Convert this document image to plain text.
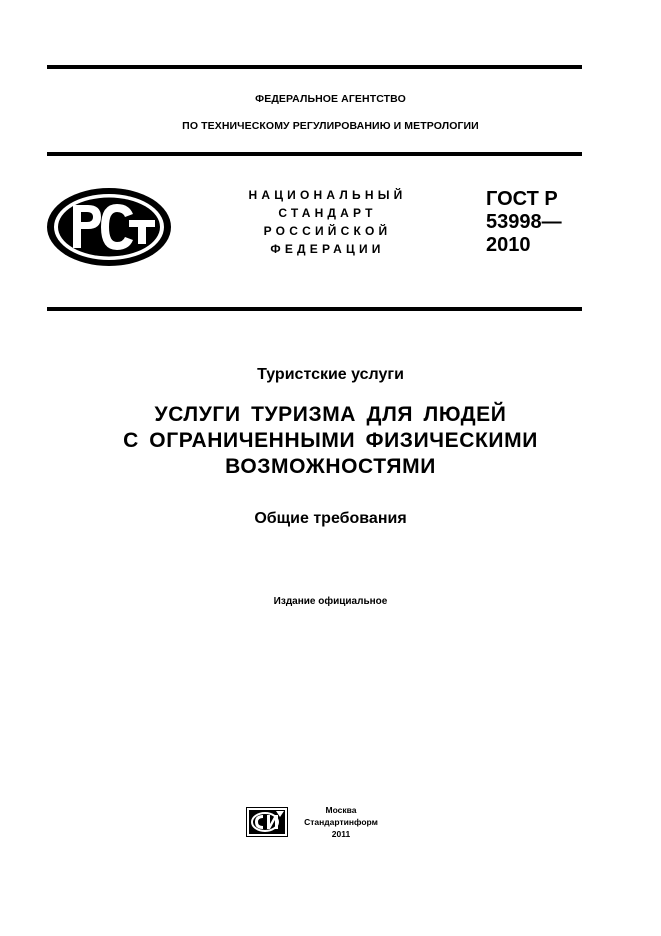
ФЕДЕРАЛЬНОЕ АГЕНТСТВО
ПО ТЕХНИЧЕСКОМУ РЕГУЛИРОВАНИЮ И МЕТРОЛОГИИ
РСТ
НАЦИОНАЛЬНЫЙ
СТАНДАРТ
РОССИЙСКОЙ
ФЕДЕРАЦИИ
ГОСТ Р
53998—
2010
Туристские услуги
УСЛУГИ ТУРИЗМА ДЛЯ ЛЮДЕЙ
С ОГРАНИЧЕННЫМИ ФИЗИЧЕСКИМИ
ВОЗМОЖНОСТЯМИ
Общие требования
Издание официальное
Москва
Стандартинформ
2011
